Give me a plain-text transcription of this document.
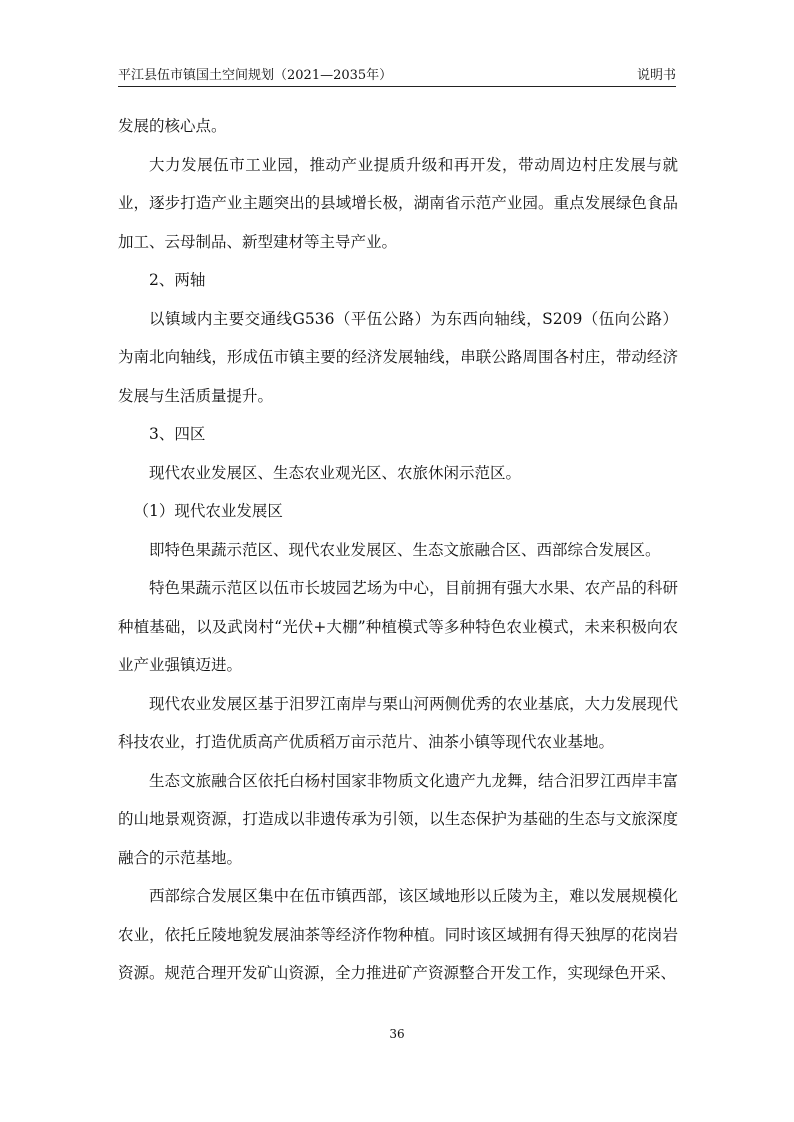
平江县伍市镇国土空间规划（2021—2035年）	说明书

发展的核心点。

大力发展伍市工业园，推动产业提质升级和再开发，带动周边村庄发展与就业，逐步打造产业主题突出的县域增长极，湖南省示范产业园。重点发展绿色食品加工、云母制品、新型建材等主导产业。

2、两轴

以镇域内主要交通线G536（平伍公路）为东西向轴线，S209（伍向公路）为南北向轴线，形成伍市镇主要的经济发展轴线，串联公路周围各村庄，带动经济发展与生活质量提升。

3、四区

现代农业发展区、生态农业观光区、农旅休闲示范区。

（1）现代农业发展区

即特色果蔬示范区、现代农业发展区、生态文旅融合区、西部综合发展区。

特色果蔬示范区以伍市长坡园艺场为中心，目前拥有强大水果、农产品的科研种植基础，以及武岗村“光伏+大棚”种植模式等多种特色农业模式，未来积极向农业产业强镇迈进。

现代农业发展区基于汨罗江南岸与栗山河两侧优秀的农业基底，大力发展现代科技农业，打造优质高产优质稻万亩示范片、油茶小镇等现代农业基地。

生态文旅融合区依托白杨村国家非物质文化遗产九龙舞，结合汨罗江西岸丰富的山地景观资源，打造成以非遗传承为引领，以生态保护为基础的生态与文旅深度融合的示范基地。

西部综合发展区集中在伍市镇西部，该区域地形以丘陵为主，难以发展规模化农业，依托丘陵地貌发展油茶等经济作物种植。同时该区域拥有得天独厚的花岗岩资源。规范合理开发矿山资源，全力推进矿产资源整合开发工作，实现绿色开采、

36
